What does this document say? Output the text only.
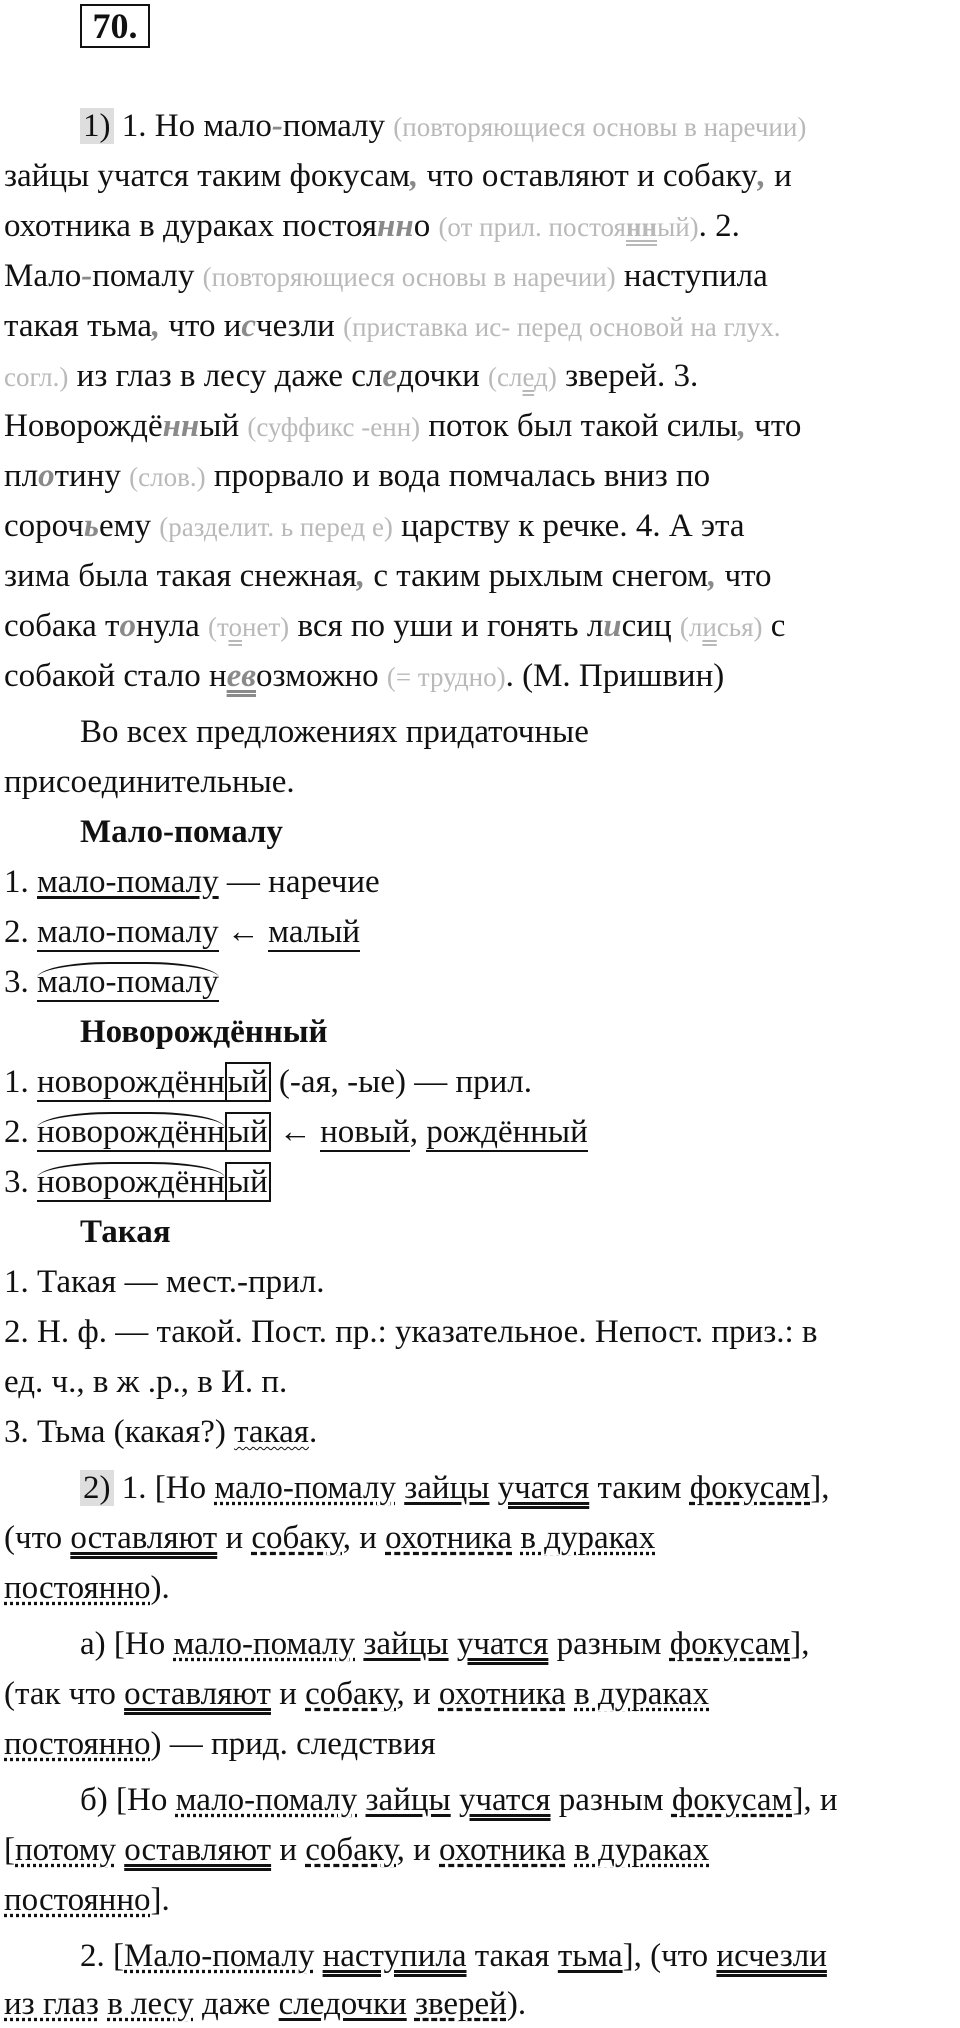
70.
1) 1. Но мало-помалу (повторяющиеся основы в наречии)
зайцы учатся таким фокусам, что оставляют и собаку, и
охотника в дураках постоянно (от прил. постоянный). 2.
Мало-помалу (повторяющиеся основы в наречии) наступила
такая тьма, что исчезли (приставка ис- перед основой на глух.
согл.) из глаз в лесу даже следочки (след) зверей. 3.
Новорождённый (суффикс -енн) поток был такой силы, что
плотину (слов.) прорвало и вода помчалась вниз по
сорочьему (разделит. ь перед е) царству к речке. 4. А эта
зима была такая снежная, с таким рыхлым снегом, что
собака тонула (тонет) вся по уши и гонять лисиц (лисья) с
собакой стало невозможно (= трудно). (М. Пришвин)
Во всех предложениях придаточные
присоединительные.
Мало-помалу
1. мало-помалу — наречие
2. мало-помалу ← малый
3. мало-помалу
Новорождённый
1. новорождённый (-ая, -ые) — прил.
2. новорождённый ← новый, рождённый
3. новорождённый
Такая
1. Такая — мест.-прил.
2. Н. ф. — такой. Пост. пр.: указательное. Непост. приз.: в
ед. ч., в ж .р., в И. п.
3. Тьма (какая?) такая.
2) 1. [Но мало-помалу зайцы учатся таким фокусам],
(что оставляют и собаку, и охотника в дураках
постоянно).
а) [Но мало-помалу зайцы учатся разным фокусам],
(так что оставляют и собаку, и охотника в дураках
постоянно) — прид. следствия
б) [Но мало-помалу зайцы учатся разным фокусам], и
[потому оставляют и собаку, и охотника в дураках
постоянно].
2. [Мало-помалу наступила такая тьма], (что исчезли
из глаз в лесу даже следочки зверей).
